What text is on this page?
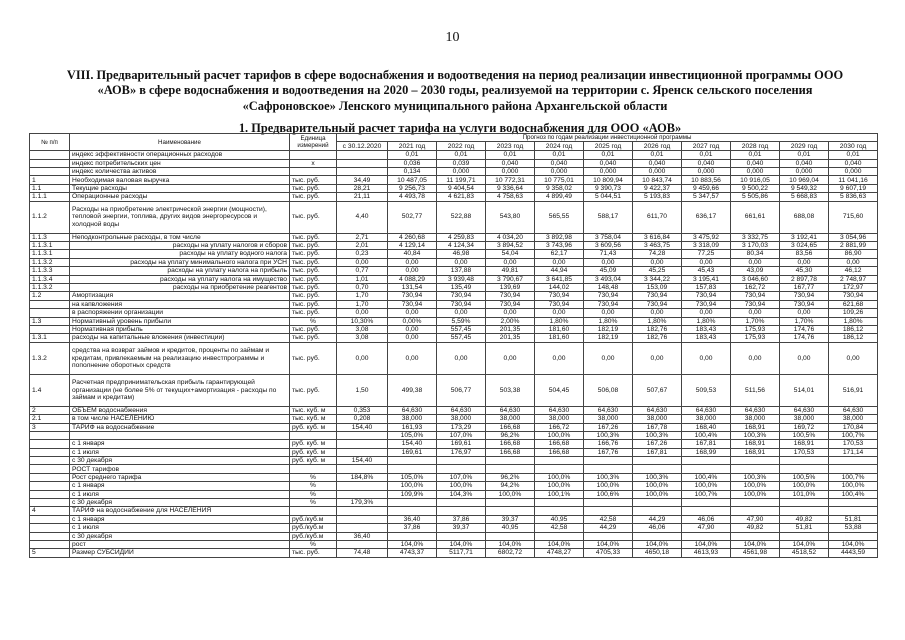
10
VIII. Предварительный расчет тарифов в сфере водоснабжения и водоотведения на период реализации инвестиционной программы ООО «АОВ» в сфере водоснабжения и водоотведения на 2020 – 2030 годы, реализуемой на территории с. Яренск сельского поселения «Сафроновское» Ленского муниципального района Архангельской области
1. Предварительный расчет тарифа на услуги водоснабжения для ООО «АОВ»
№ п/п	Наименование	Единица измерений	Прогноз по годам реализации инвестиционной программы										
			с 30.12.2020	2021 год	2022 год	2023 год	2024 год	2025 год	2026 год	2027 год	2028 год	2029 год	2030 год
	индекс эффективности операционных расходов			0,01	0,01	0,01	0,01	0,01	0,01	0,01	0,01	0,01	0,01
	индекс потребительских цен	x		0,036	0,039	0,040	0,040	0,040	0,040	0,040	0,040	0,040	0,040
	индекс количества активов			0,134	0,000	0,000	0,000	0,000	0,000	0,000	0,000	0,000	0,000
1	Необходимая валовая выручка	тыс. руб.	34,49	10 487,05	11 199,71	10 772,31	10 775,01	10 809,94	10 843,74	10 883,56	10 916,05	10 969,04	11 041,16
1.1	Текущие расходы	тыс. руб.	28,21	9 256,73	9 404,54	9 336,64	9 358,02	9 390,73	9 422,37	9 459,66	9 500,22	9 549,32	9 607,19
1.1.1	Операционные расходы	тыс. руб.	21,11	4 493,78	4 621,83	4 758,63	4 899,49	5 044,51	5 193,83	5 347,57	5 505,86	5 668,83	5 836,63
1.1.2	Расходы на приобретение электрической энергии (мощности), тепловой энергии, топлива, других видов энергоресурсов и холодной воды	тыс. руб.	4,40	502,77	522,88	543,80	565,55	588,17	611,70	636,17	661,61	688,08	715,60
1.1.3	Неподконтрольные расходы, в том числе	тыс. руб.	2,71	4 260,68	4 259,83	4 034,20	3 892,98	3 758,04	3 616,84	3 475,92	3 332,75	3 192,41	3 054,96
1.1.3.1	расходы на уплату налогов и сборов	тыс. руб.	2,01	4 129,14	4 124,34	3 894,52	3 743,96	3 609,56	3 463,75	3 318,09	3 170,03	3 024,65	2 881,99
1.1.3.1	расходы на уплату водного налога	тыс. руб.	0,23	40,84	46,98	54,04	62,17	71,43	74,28	77,25	80,34	83,56	86,90
1.1.3.2	расходы на уплату минимального налога при УСН	тыс. руб.	0,00	0,00	0,00	0,00	0,00	0,00	0,00	0,00	0,00	0,00	0,00
1.1.3.3	расходы на уплату налога на прибыль	тыс. руб.	0,77	0,00	137,88	49,81	44,94	45,09	45,25	45,43	43,09	45,30	46,12
1.1.3.4	расходы на уплату налога на имущество	тыс. руб.	1,01	4 088,29	3 939,48	3 790,67	3 641,85	3 493,04	3 344,22	3 195,41	3 046,60	2 897,78	2 748,97
1.1.3.2	расходы на приобретение реагентов	тыс. руб.	0,70	131,54	135,49	139,69	144,02	148,48	153,09	157,83	162,72	167,77	172,97
1.2	Амортизация	тыс. руб.	1,70	730,94	730,94	730,94	730,94	730,94	730,94	730,94	730,94	730,94	730,94
	на капвложения	тыс. руб.	1,70	730,94	730,94	730,94	730,94	730,94	730,94	730,94	730,94	730,94	621,68
	в распоряжении организации	тыс. руб.	0,00	0,00	0,00	0,00	0,00	0,00	0,00	0,00	0,00	0,00	109,26
1.3	Нормативный уровень прибыли	%	10,30%	0,00%	5,59%	2,00%	1,80%	1,80%	1,80%	1,80%	1,70%	1,70%	1,80%
	Нормативная прибыль	тыс. руб.	3,08	0,00	557,45	201,35	181,60	182,19	182,76	183,43	175,93	174,76	186,12
1.3.1	расходы на капитальные вложения (инвестиции)	тыс. руб.	3,08	0,00	557,45	201,35	181,60	182,19	182,76	183,43	175,93	174,76	186,12
1.3.2	средства на возврат займов и кредитов, проценты по займам и кредитам, привлекаемым на реализацию инвестпрограммы и пополнение оборотных средств	тыс. руб.	0,00	0,00	0,00	0,00	0,00	0,00	0,00	0,00	0,00	0,00	0,00
1.4	Расчетная предпринимательская прибыль гарантирующей организации (не более 5% от текущих+амортизация - расходы по займам и кредитам)	тыс. руб.	1,50	499,38	506,77	503,38	504,45	506,08	507,67	509,53	511,56	514,01	516,91
2	ОБЪЕМ водоснабжения	тыс. куб. м	0,353	64,630	64,630	64,630	64,630	64,630	64,630	64,630	64,630	64,630	64,630
2.1	в том числе НАСЕЛЕНИЮ	тыс. куб. м	0,208	38,000	38,000	38,000	38,000	38,000	38,000	38,000	38,000	38,000	38,000
3	ТАРИФ на водоснабжение	руб. куб. м	154,40	161,93	173,29	166,68	166,72	167,26	167,78	168,40	168,91	169,72	170,84
				105,0%	107,0%	96,2%	100,0%	100,3%	100,3%	100,4%	100,3%	100,5%	100,7%
	с 1 января	руб. куб. м		154,40	169,61	166,68	166,68	166,76	167,26	167,81	168,91	168,91	170,53
	с 1 июля	руб. куб. м		169,61	176,97	166,68	166,68	167,76	167,81	168,99	168,91	170,53	171,14
	с 30 декабря	руб. куб. м	154,40										
	РОСТ тарифов												
	Рост среднего тарифа	%	184,8%	105,0%	107,0%	96,2%	100,0%	100,3%	100,3%	100,4%	100,3%	100,5%	100,7%
	с 1 января	%		100,0%	100,0%	94,2%	100,0%	100,0%	100,0%	100,0%	100,0%	100,0%	100,0%
	с 1 июля	%		109,9%	104,3%	100,0%	100,1%	100,6%	100,0%	100,7%	100,0%	101,0%	100,4%
	с 30 декабря	%	179,3%										
4	ТАРИФ на водоснабжение для НАСЕЛЕНИЯ												
	с 1 января	руб./куб.м		36,40	37,86	39,37	40,95	42,58	44,29	46,06	47,90	49,82	51,81
	с 1 июля	руб./куб.м		37,86	39,37	40,95	42,58	44,29	46,06	47,90	49,82	51,81	53,88
	с 30 декабря	руб./куб.м	36,40										
	рост	%		104,0%	104,0%	104,0%	104,0%	104,0%	104,0%	104,0%	104,0%	104,0%	104,0%
5	Размер СУБСИДИИ	тыс. руб.	74,48	4743,37	5117,71	6802,72	4748,27	4705,33	4650,18	4613,93	4561,98	4518,52	4443,59
